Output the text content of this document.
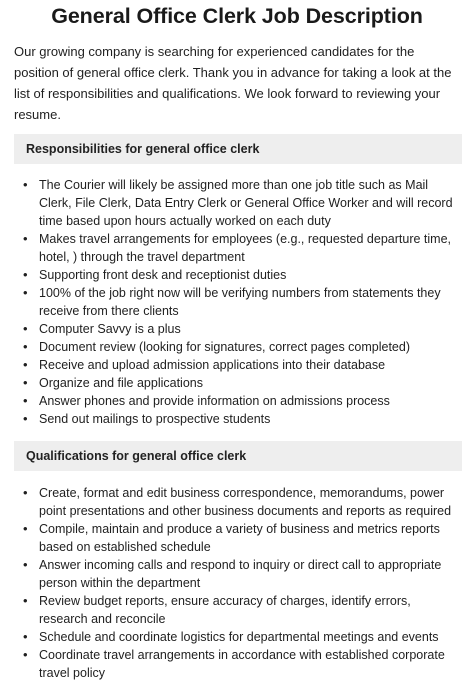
General Office Clerk Job Description

Our growing company is searching for experienced candidates for the position of general office clerk. Thank you in advance for taking a look at the list of responsibilities and qualifications. We look forward to reviewing your resume.

Responsibilities for general office clerk
• The Courier will likely be assigned more than one job title such as Mail Clerk, File Clerk, Data Entry Clerk or General Office Worker and will record time based upon hours actually worked on each duty
• Makes travel arrangements for employees (e.g., requested departure time, hotel, ) through the travel department
• Supporting front desk and receptionist duties
• 100% of the job right now will be verifying numbers from statements they receive from there clients
• Computer Savvy is a plus
• Document review (looking for signatures, correct pages completed)
• Receive and upload admission applications into their database
• Organize and file applications
• Answer phones and provide information on admissions process
• Send out mailings to prospective students
Qualifications for general office clerk
• Create, format and edit business correspondence, memorandums, power point presentations and other business documents and reports as required
• Compile, maintain and produce a variety of business and metrics reports based on established schedule
• Answer incoming calls and respond to inquiry or direct call to appropriate person within the department
• Review budget reports, ensure accuracy of charges, identify errors, research and reconcile
• Schedule and coordinate logistics for departmental meetings and events
• Coordinate travel arrangements in accordance with established corporate travel policy
